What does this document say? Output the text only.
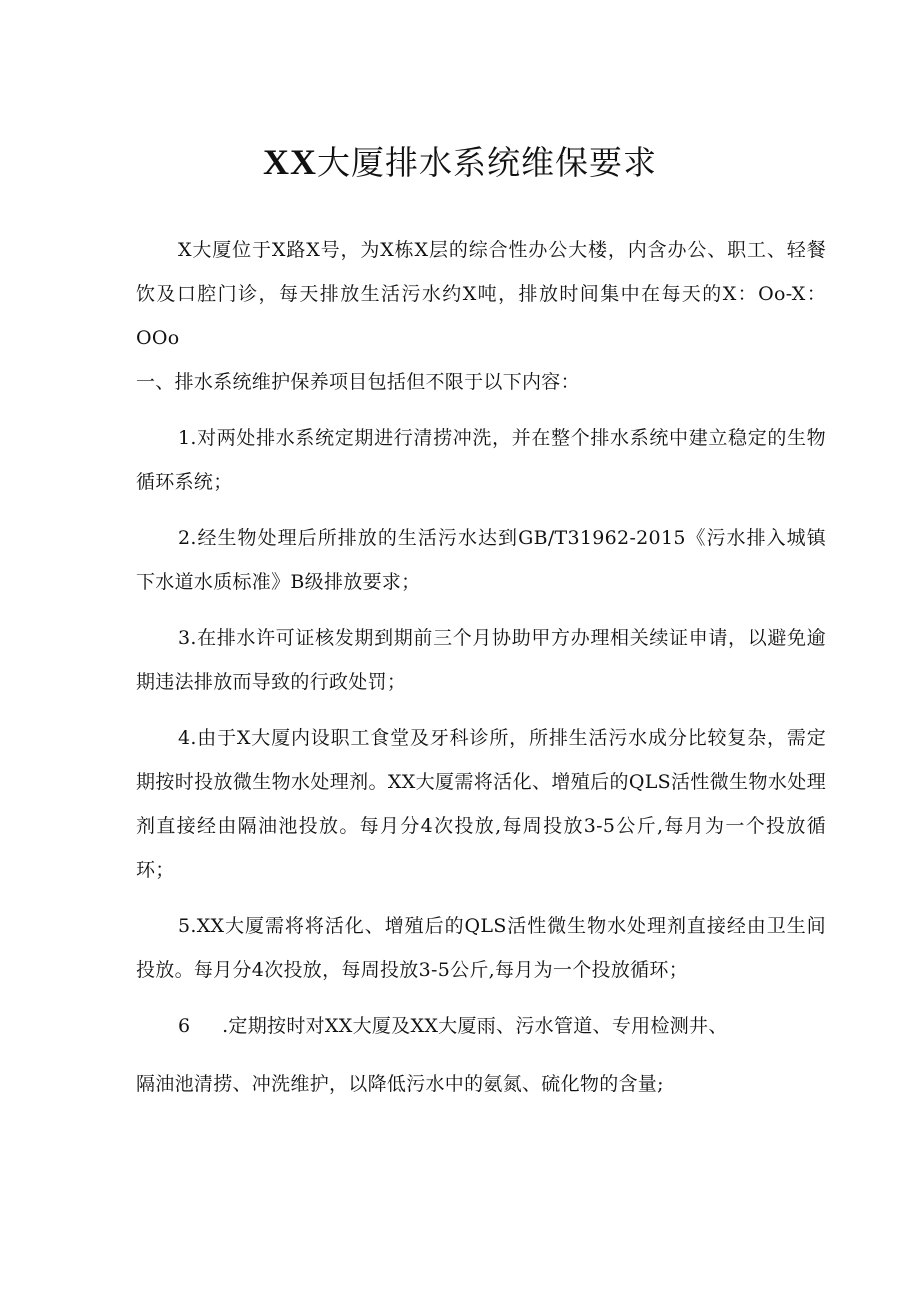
XX大厦排水系统维保要求

X大厦位于X路X号，为X栋X层的综合性办公大楼，内含办公、职工、轻餐饮及口腔门诊，每天排放生活污水约X吨，排放时间集中在每天的X：Oo-X：OOo

一、排水系统维护保养项目包括但不限于以下内容：

1.对两处排水系统定期进行清捞冲洗，并在整个排水系统中建立稳定的生物循环系统；

2.经生物处理后所排放的生活污水达到GB/T31962-2015《污水排入城镇下水道水质标准》B级排放要求；

3.在排水许可证核发期到期前三个月协助甲方办理相关续证申请，以避免逾期违法排放而导致的行政处罚；

4.由于X大厦内设职工食堂及牙科诊所，所排生活污水成分比较复杂，需定期按时投放微生物水处理剂。XX大厦需将活化、增殖后的QLS活性微生物水处理剂直接经由隔油池投放。每月分4次投放,每周投放3-5公斤,每月为一个投放循环；

5.XX大厦需将将活化、增殖后的QLS活性微生物水处理剂直接经由卫生间投放。每月分4次投放，每周投放3-5公斤,每月为一个投放循环；

6 .定期按时对XX大厦及XX大厦雨、污水管道、专用检测井、

隔油池清捞、冲洗维护，以降低污水中的氨氮、硫化物的含量;
